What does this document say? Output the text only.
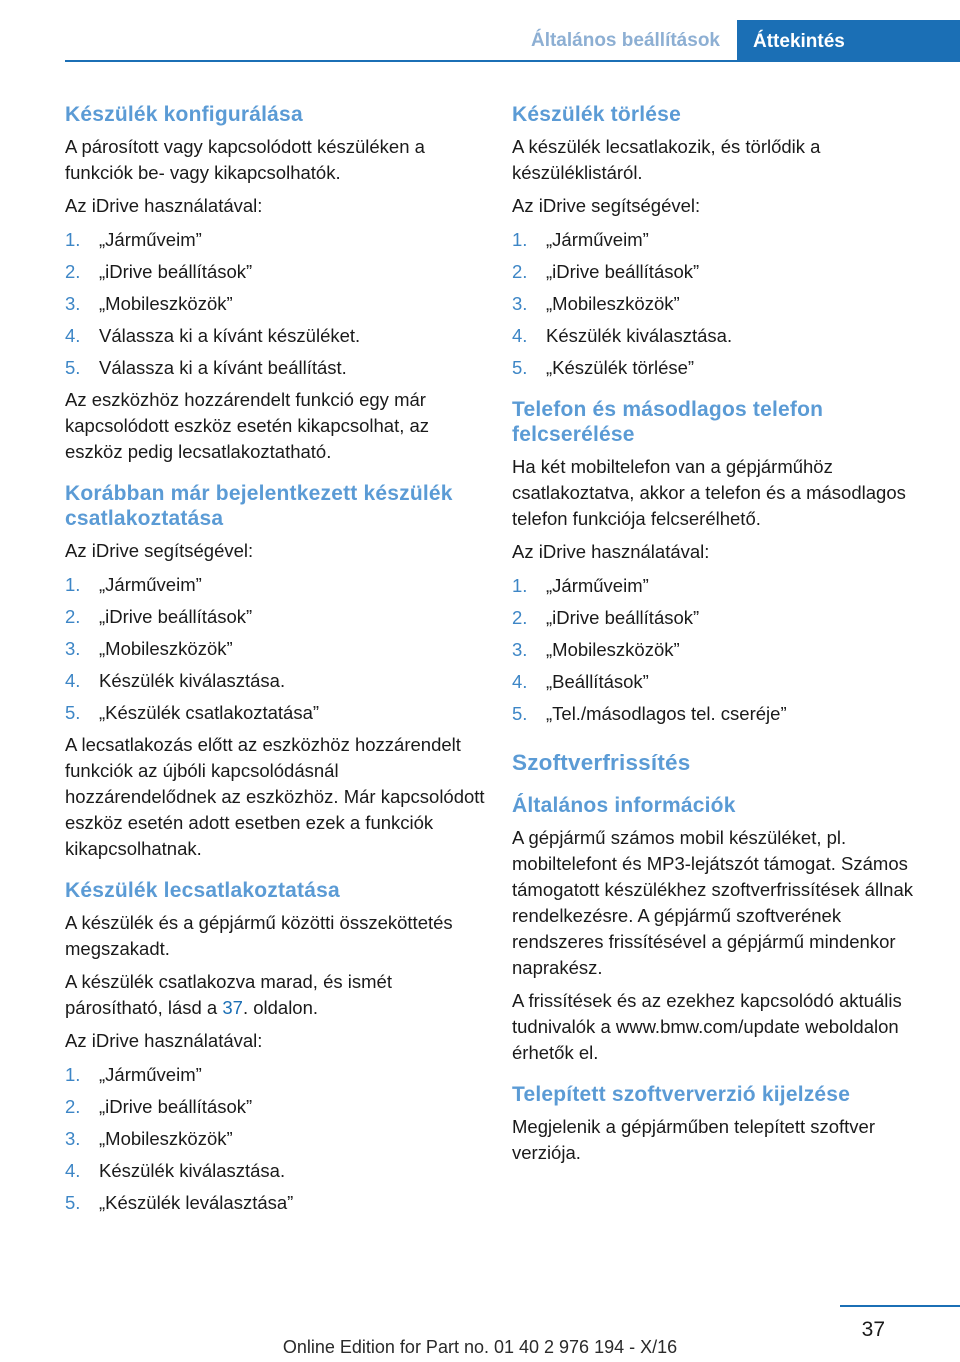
Általános beállítások	Áttekintés
Készülék konfigurálása

A párosított vagy kapcsolódott készüléken a funkciók be- vagy kikapcsolhatók.

Az iDrive használatával:

1. „Járműveim”
2. „iDrive beállítások”
3. „Mobileszközök”
4. Válassza ki a kívánt készüléket.
5. Válassza ki a kívánt beállítást.

Az eszközhöz hozzárendelt funkció egy már kapcsolódott eszköz esetén kikapcsolhat, az eszköz pedig lecsatlakoztatható.

Korábban már bejelentkezett készülék csatlakoztatása

Az iDrive segítségével:

1. „Járműveim”
2. „iDrive beállítások”
3. „Mobileszközök”
4. Készülék kiválasztása.
5. „Készülék csatlakoztatása”

A lecsatlakozás előtt az eszközhöz hozzárendelt funkciók az újbóli kapcsolódásnál hozzárendelődnek az eszközhöz. Már kapcsolódott eszköz esetén adott esetben ezek a funkciók kikapcsolhatnak.

Készülék lecsatlakoztatása

A készülék és a gépjármű közötti összeköttetés megszakadt.

A készülék csatlakozva marad, és ismét párosítható, lásd a 37. oldalon.

Az iDrive használatával:

1. „Járműveim”
2. „iDrive beállítások”
3. „Mobileszközök”
4. Készülék kiválasztása.
5. „Készülék leválasztása”
Készülék törlése

A készülék lecsatlakozik, és törlődik a készüléklistáról.

Az iDrive segítségével:

1. „Járműveim”
2. „iDrive beállítások”
3. „Mobileszközök”
4. Készülék kiválasztása.
5. „Készülék törlése”
Telefon és másodlagos telefon felcserélése

Ha két mobiltelefon van a gépjárműhöz csatlakoztatva, akkor a telefon és a másodlagos telefon funkciója felcserélhető.

Az iDrive használatával:

1. „Járműveim”
2. „iDrive beállítások”
3. „Mobileszközök”
4. „Beállítások”
5. „Tel./másodlagos tel. cseréje”
Szoftverfrissítés
Általános információk

A gépjármű számos mobil készüléket, pl. mobiltelefont és MP3-lejátszót támogat. Számos támogatott készülékhez szoftverfrissítések állnak rendelkezésre. A gépjármű szoftverének rendszeres frissítésével a gépjármű mindenkor naprakész.

A frissítések és az ezekhez kapcsolódó aktuális tudnivalók a www.bmw.com/update weboldalon érhetők el.

Telepített szoftververzió kijelzése

Megjelenik a gépjárműben telepített szoftver verziója.

37
Online Edition for Part no. 01 40 2 976 194 - X/16
